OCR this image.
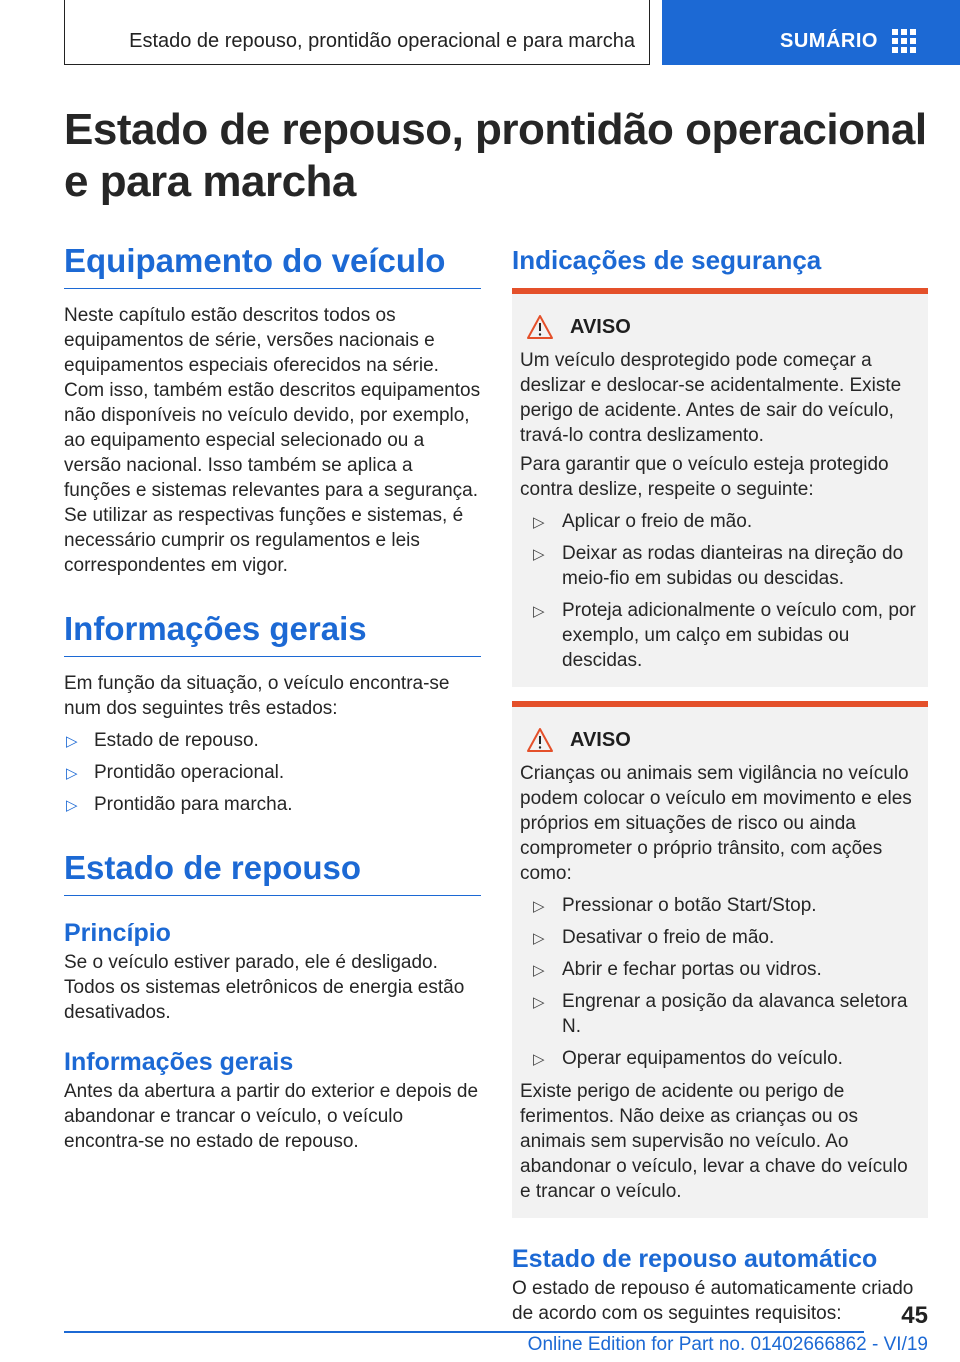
Estado de repouso, prontidão operacional e para marcha	SUMÁRIO
Estado de repouso, prontidão operacional e para marcha
Equipamento do veículo

Neste capítulo estão descritos todos os equipamentos de série, versões nacionais e equipamentos especiais oferecidos na série. Com isso, também estão descritos equipamentos não disponíveis no veículo devido, por exemplo, ao equipamento especial selecionado ou a versão nacional. Isso também se aplica a funções e sistemas relevantes para a segurança. Se utilizar as respectivas funções e sistemas, é necessário cumprir os regulamentos e leis correspondentes em vigor.

Informações gerais

Em função da situação, o veículo encontra-se num dos seguintes três estados:

▷ Estado de repouso.
▷ Prontidão operacional.
▷ Prontidão para marcha.
Estado de repouso
Princípio

Se o veículo estiver parado, ele é desligado. Todos os sistemas eletrônicos de energia estão desativados.

Informações gerais

Antes da abertura a partir do exterior e depois de abandonar e trancar o veículo, o veículo encontra-se no estado de repouso.

Indicações de segurança
AVISO

Um veículo desprotegido pode começar a deslizar e deslocar-se acidentalmente. Existe perigo de acidente. Antes de sair do veículo, travá-lo contra deslizamento.

Para garantir que o veículo esteja protegido contra deslize, respeite o seguinte:

▷ Aplicar o freio de mão.
▷ Deixar as rodas dianteiras na direção do meio-fio em subidas ou descidas.
▷ Proteja adicionalmente o veículo com, por exemplo, um calço em subidas ou descidas.
AVISO

Crianças ou animais sem vigilância no veículo podem colocar o veículo em movimento e eles próprios em situações de risco ou ainda comprometer o próprio trânsito, com ações como:

▷ Pressionar o botão Start/Stop.
▷ Desativar o freio de mão.
▷ Abrir e fechar portas ou vidros.
▷ Engrenar a posição da alavanca seletora N.
▷ Operar equipamentos do veículo.

Existe perigo de acidente ou perigo de ferimentos. Não deixe as crianças ou os animais sem supervisão no veículo. Ao abandonar o veículo, levar a chave do veículo e trancar o veículo.

Estado de repouso automático

O estado de repouso é automaticamente criado de acordo com os seguintes requisitos:	45
Online Edition for Part no. 01402666862 - VI/19
